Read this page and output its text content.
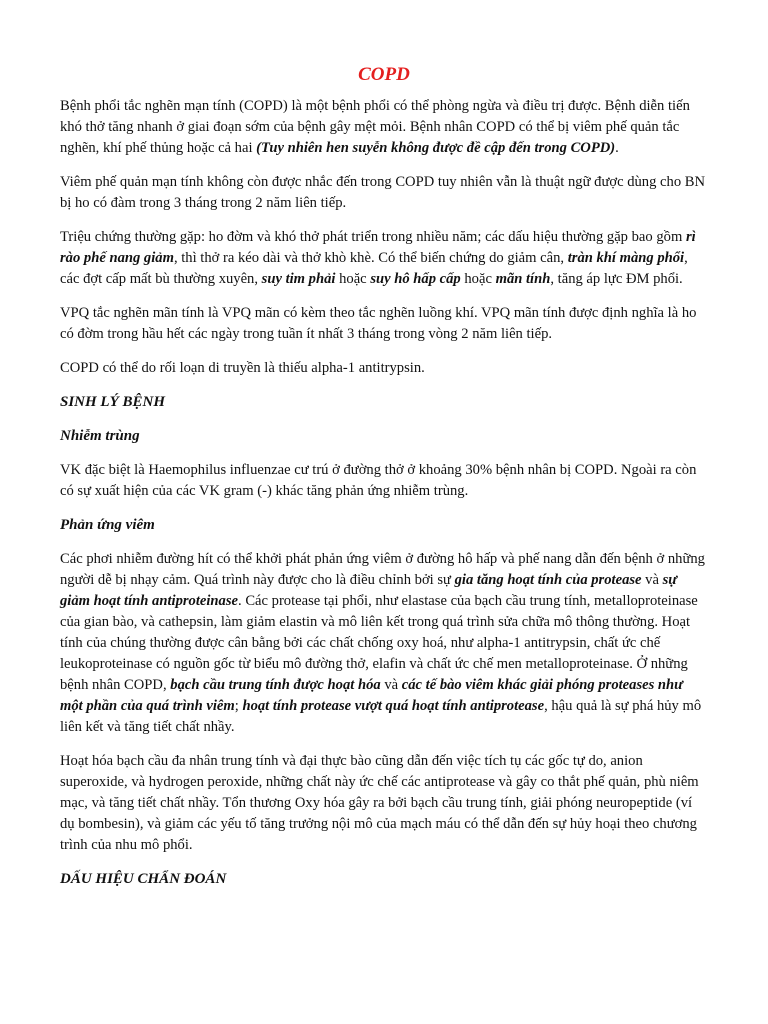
COPD

Bệnh phổi tắc nghẽn mạn tính (COPD) là một bệnh phổi có thể phòng ngừa và điều trị được. Bệnh diễn tiến khó thở tăng nhanh ở giai đoạn sớm của bệnh gây mệt mỏi. Bệnh nhân COPD có thể bị viêm phế quản tắc nghẽn, khí phế thủng hoặc cả hai (Tuy nhiên hen suyễn không được đề cập đến trong COPD).

Viêm phế quản mạn tính không còn được nhắc đến trong COPD tuy nhiên vẫn là thuật ngữ được dùng cho BN bị ho có đàm trong 3 tháng trong 2 năm liên tiếp.

Triệu chứng thường gặp: ho đờm và khó thở phát triển trong nhiều năm; các dấu hiệu thường gặp bao gồm rì rào phế nang giảm, thì thở ra kéo dài và thở khò khè. Có thể biến chứng do giảm cân, tràn khí màng phổi, các đợt cấp mất bù thường xuyên, suy tim phải hoặc suy hô hấp cấp hoặc mãn tính, tăng áp lực ĐM phổi.

VPQ tắc nghẽn mãn tính là VPQ mãn có kèm theo tắc nghẽn luồng khí. VPQ mãn tính được định nghĩa là ho có đờm trong hầu hết các ngày trong tuần ít nhất 3 tháng trong vòng 2 năm liên tiếp.

COPD có thể do rối loạn di truyền là thiếu alpha-1 antitrypsin.

SINH LÝ BỆNH
Nhiễm trùng

VK đặc biệt là Haemophilus influenzae cư trú ở đường thở ở khoảng 30% bệnh nhân bị COPD. Ngoài ra còn có sự xuất hiện của các VK gram (-) khác tăng phản ứng nhiễm trùng.

Phản ứng viêm

Các phơi nhiễm đường hít có thể khởi phát phản ứng viêm ở đường hô hấp và phế nang dẫn đến bệnh ở những người dễ bị nhạy cảm. Quá trình này được cho là điều chỉnh bởi sự gia tăng hoạt tính của protease và sự giảm hoạt tính antiproteinase. Các protease tại phổi, như elastase của bạch cầu trung tính, metalloproteinase của gian bào, và cathepsin, làm giảm elastin và mô liên kết trong quá trình sửa chữa mô thông thường. Hoạt tính của chúng thường được cân bằng bởi các chất chống oxy hoá, như alpha-1 antitrypsin, chất ức chế leukoproteinase có nguồn gốc từ biểu mô đường thở, elafin và chất ức chế men metalloproteinase. Ở những bệnh nhân COPD, bạch cầu trung tính được hoạt hóa và các tế bào viêm khác giải phóng proteases như một phần của quá trình viêm; hoạt tính protease vượt quá hoạt tính antiprotease, hậu quả là sự phá hủy mô liên kết và tăng tiết chất nhầy.

Hoạt hóa bạch cầu đa nhân trung tính và đại thực bào cũng dẫn đến việc tích tụ các gốc tự do, anion superoxide, và hydrogen peroxide, những chất này ức chế các antiprotease và gây co thắt phế quản, phù niêm mạc, và tăng tiết chất nhầy. Tổn thương Oxy hóa gây ra bởi bạch cầu trung tính, giải phóng neuropeptide (ví dụ bombesin), và giảm các yếu tố tăng trưởng nội mô của mạch máu có thể dẫn đến sự hủy hoại theo chương trình của nhu mô phổi.

DẤU HIỆU CHẨN ĐOÁN
